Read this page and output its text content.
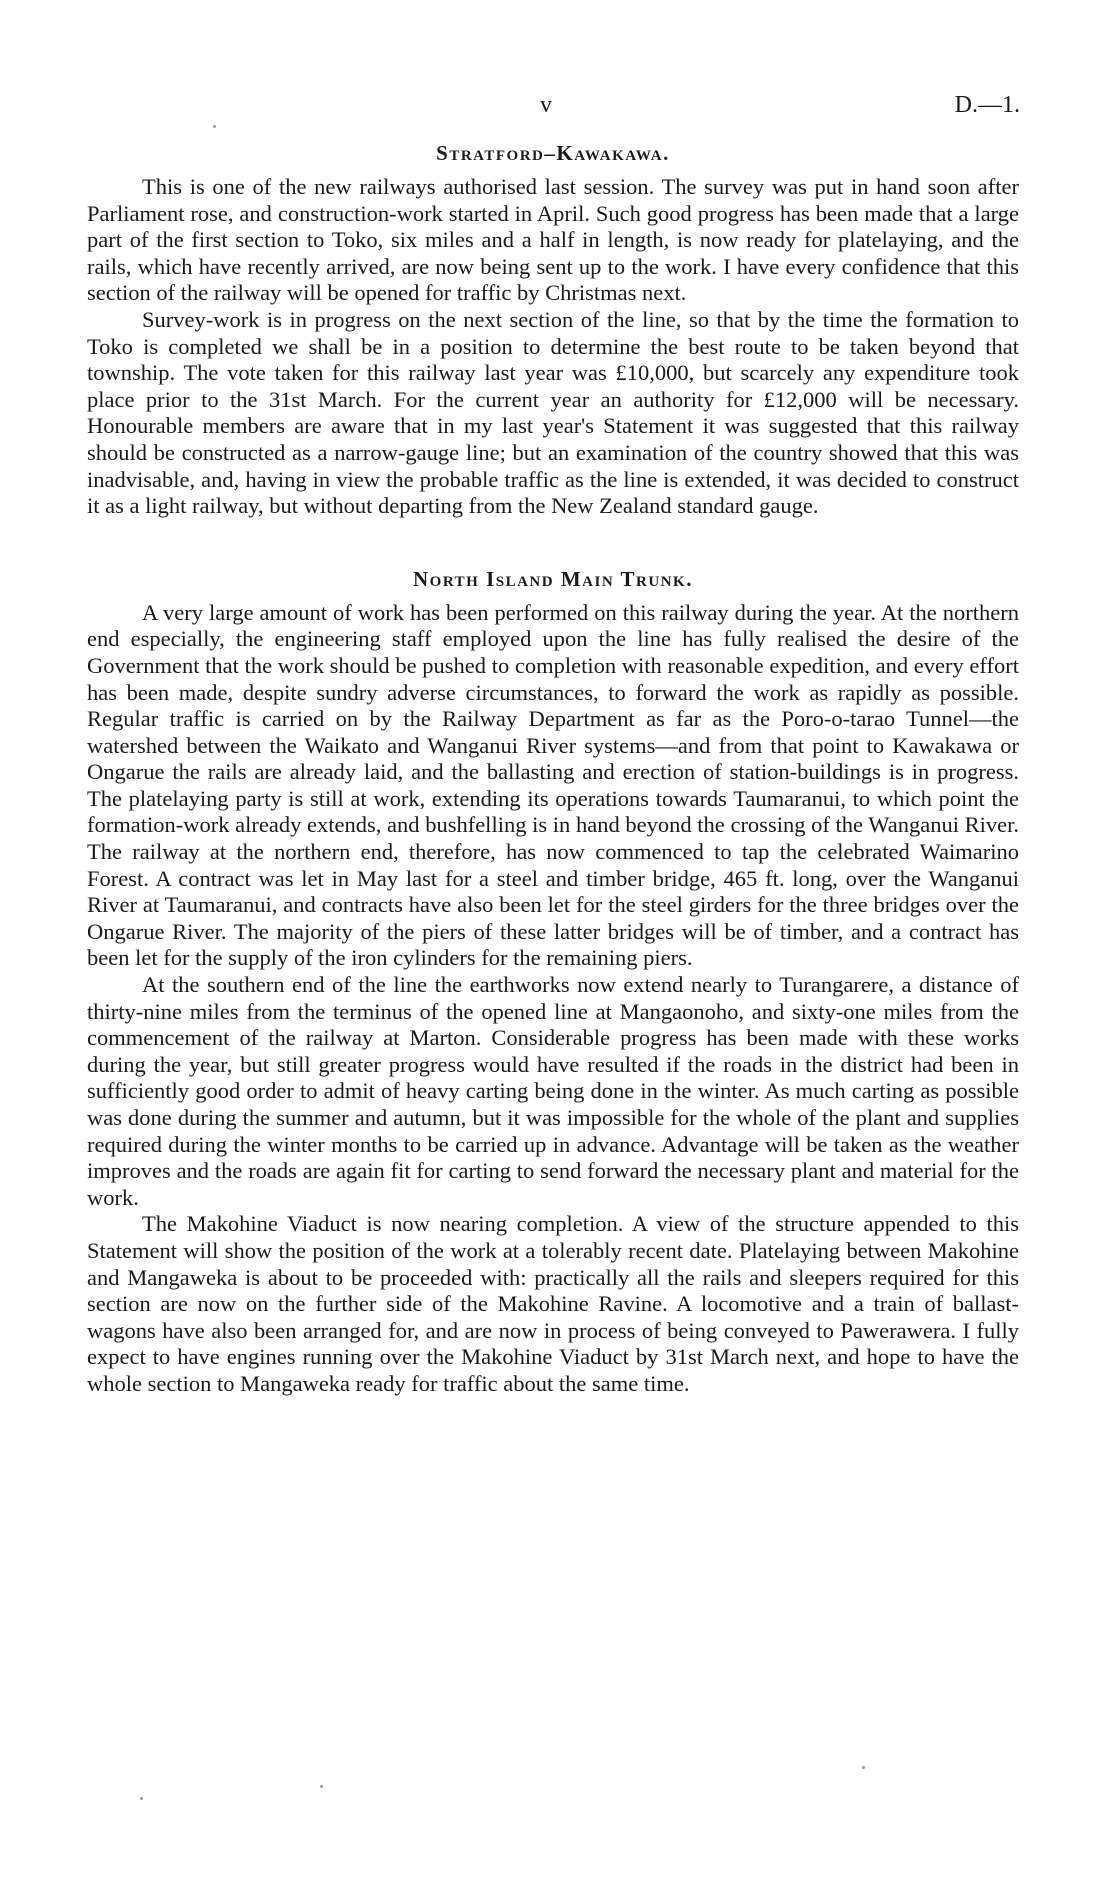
v	D.—1.
Stratford–Kawakawa.

This is one of the new railways authorised last session. The survey was put in hand soon after Parliament rose, and construction-work started in April. Such good progress has been made that a large part of the first section to Toko, six miles and a half in length, is now ready for platelaying, and the rails, which have recently arrived, are now being sent up to the work. I have every confidence that this section of the railway will be opened for traffic by Christmas next.

Survey-work is in progress on the next section of the line, so that by the time the formation to Toko is completed we shall be in a position to determine the best route to be taken beyond that township. The vote taken for this railway last year was £10,000, but scarcely any expenditure took place prior to the 31st March. For the current year an authority for £12,000 will be necessary. Honourable members are aware that in my last year's Statement it was suggested that this railway should be constructed as a narrow-gauge line; but an examination of the country showed that this was inadvisable, and, having in view the probable traffic as the line is extended, it was decided to construct it as a light railway, but without departing from the New Zealand standard gauge.

North Island Main Trunk.

A very large amount of work has been performed on this railway during the year. At the northern end especially, the engineering staff employed upon the line has fully realised the desire of the Government that the work should be pushed to completion with reasonable expedition, and every effort has been made, despite sundry adverse circumstances, to forward the work as rapidly as possible. Regular traffic is carried on by the Railway Department as far as the Poro-o-tarao Tunnel—the watershed between the Waikato and Wanganui River systems—and from that point to Kawakawa or Ongarue the rails are already laid, and the ballasting and erection of station-buildings is in progress. The platelaying party is still at work, extending its operations towards Taumaranui, to which point the formation-work already extends, and bushfelling is in hand beyond the crossing of the Wanganui River. The railway at the northern end, therefore, has now commenced to tap the celebrated Waimarino Forest. A contract was let in May last for a steel and timber bridge, 465 ft. long, over the Wanganui River at Taumaranui, and contracts have also been let for the steel girders for the three bridges over the Ongarue River. The majority of the piers of these latter bridges will be of timber, and a contract has been let for the supply of the iron cylinders for the remaining piers.

At the southern end of the line the earthworks now extend nearly to Turangarere, a distance of thirty-nine miles from the terminus of the opened line at Mangaonoho, and sixty-one miles from the commencement of the railway at Marton. Considerable progress has been made with these works during the year, but still greater progress would have resulted if the roads in the district had been in sufficiently good order to admit of heavy carting being done in the winter. As much carting as possible was done during the summer and autumn, but it was impossible for the whole of the plant and supplies required during the winter months to be carried up in advance. Advantage will be taken as the weather improves and the roads are again fit for carting to send forward the necessary plant and material for the work.

The Makohine Viaduct is now nearing completion. A view of the structure appended to this Statement will show the position of the work at a tolerably recent date. Platelaying between Makohine and Mangaweka is about to be proceeded with: practically all the rails and sleepers required for this section are now on the further side of the Makohine Ravine. A locomotive and a train of ballast-wagons have also been arranged for, and are now in process of being conveyed to Pawerawera. I fully expect to have engines running over the Makohine Viaduct by 31st March next, and hope to have the whole section to Mangaweka ready for traffic about the same time.
